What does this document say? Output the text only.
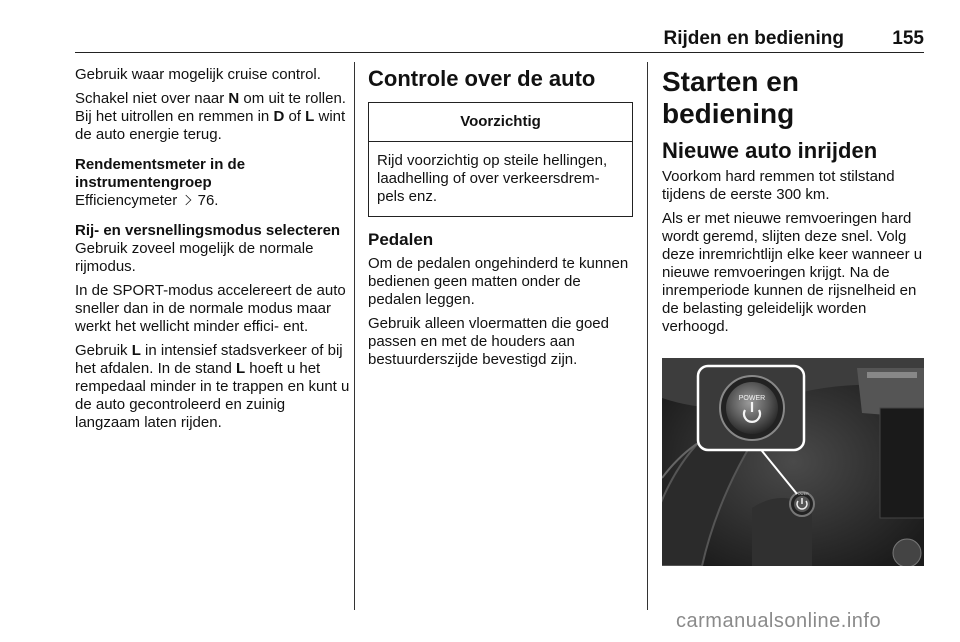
Rijden en bediening	155

Gebruik waar mogelijk cruise control.

Schakel niet over naar N om uit te rollen. Bij het uitrollen en remmen in D of L wint de auto energie terug.

Rendementsmeter in de instrumentengroep

Efficiencymeter  76.

Rij- en versnellingsmodus selecteren

Gebruik zoveel mogelijk de normale rijmodus.

In de SPORT-modus accelereert de auto sneller dan in de normale modus maar werkt het wellicht minder effici- ent.

Gebruik L in intensief stadsverkeer of bij het afdalen. In de stand L hoeft u het rempedaal minder in te trappen en kunt u de auto gecontroleerd en zuinig langzaam laten rijden.

Controle over de auto
Voorzichtig
Rijd voorzichtig op steile hellingen, laadhelling of over verkeersdrem- pels enz.
Pedalen

Om de pedalen ongehinderd te kunnen bedienen geen matten onder de pedalen leggen.

Gebruik alleen vloermatten die goed passen en met de houders aan bestuurderszijde bevestigd zijn.

Starten en bediening
Nieuwe auto inrijden

Voorkom hard remmen tot stilstand tijdens de eerste 300 km.

Als er met nieuwe remvoeringen hard wordt geremd, slijten deze snel. Volg deze inremrichtlijn elke keer wanneer u nieuwe remvoeringen krijgt. Na de inremperiode kunnen de rijsnelheid en de belasting geleidelijk worden verhoogd.

POWER
POWER
carmanualsonline.info
